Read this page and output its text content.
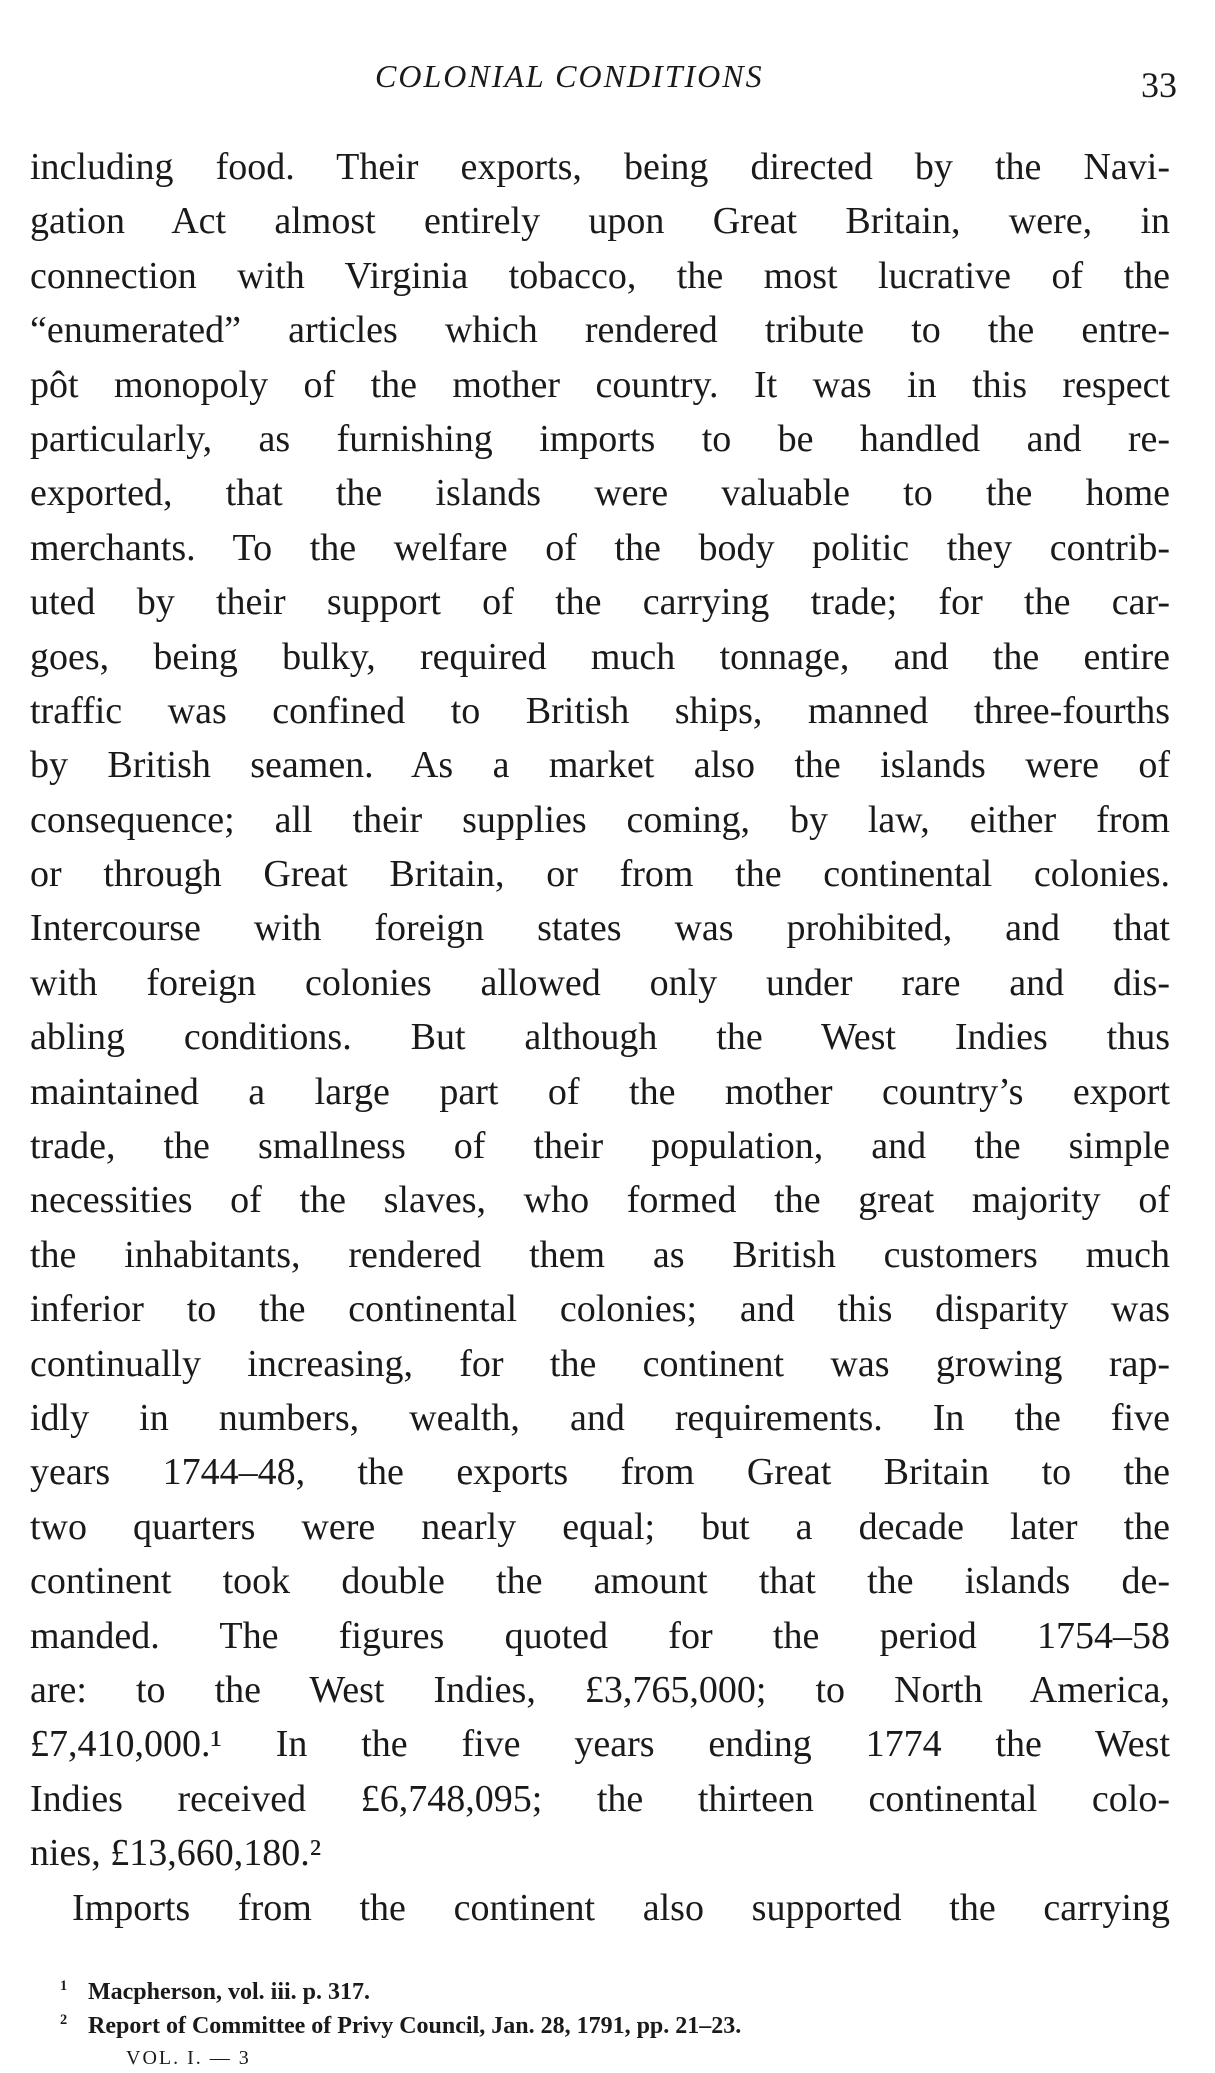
COLONIAL CONDITIONS	33
including food. Their exports, being directed by the Navi-
gation Act almost entirely upon Great Britain, were, in
connection with Virginia tobacco, the most lucrative of the
“enumerated” articles which rendered tribute to the entre-
pôt monopoly of the mother country. It was in this respect
particularly, as furnishing imports to be handled and re-
exported, that the islands were valuable to the home
merchants. To the welfare of the body politic they contrib-
uted by their support of the carrying trade; for the car-
goes, being bulky, required much tonnage, and the entire
traffic was confined to British ships, manned three-fourths
by British seamen. As a market also the islands were of
consequence; all their supplies coming, by law, either from
or through Great Britain, or from the continental colonies.
Intercourse with foreign states was prohibited, and that
with foreign colonies allowed only under rare and dis-
abling conditions. But although the West Indies thus
maintained a large part of the mother country’s export
trade, the smallness of their population, and the simple
necessities of the slaves, who formed the great majority of
the inhabitants, rendered them as British customers much
inferior to the continental colonies; and this disparity was
continually increasing, for the continent was growing rap-
idly in numbers, wealth, and requirements. In the five
years 1744–48, the exports from Great Britain to the
two quarters were nearly equal; but a decade later the
continent took double the amount that the islands de-
manded. The figures quoted for the period 1754–58
are: to the West Indies, £3,765,000; to North America,
£7,410,000.¹ In the five years ending 1774 the West
Indies received £6,748,095; the thirteen continental colo-
nies, £13,660,180.²
Imports from the continent also supported the carrying
$^1$ Macpherson, vol. iii. p. 317.
$^2$ Report of Committee of Privy Council, Jan. 28, 1791, pp. 21–23.
VOL. I. — 3
